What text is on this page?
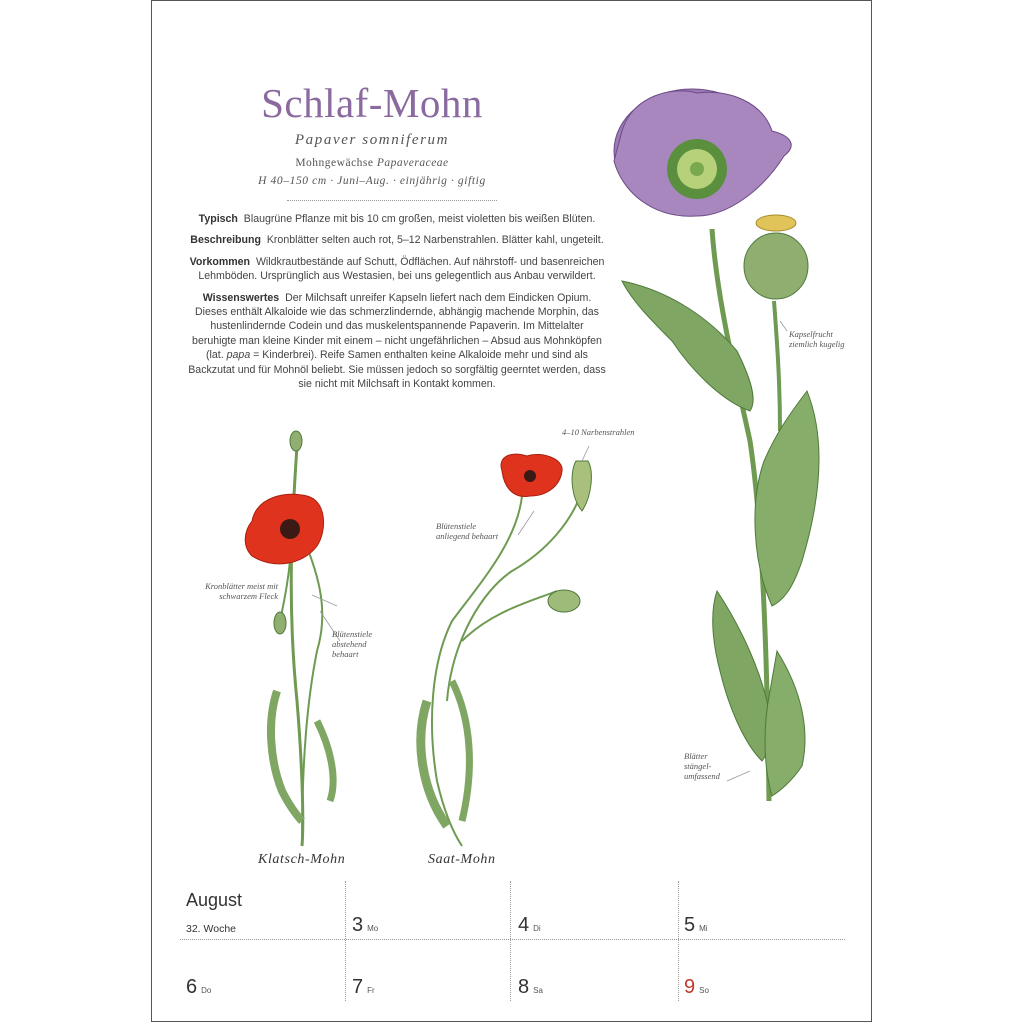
Schlaf-Mohn
Papaver somniferum
Mohngewächse Papaveraceae
H 40–150 cm · Juni–Aug. · einjährig · giftig

Typisch Blaugrüne Pflanze mit bis 10 cm großen, meist violetten bis weißen Blüten.

Beschreibung Kronblätter selten auch rot, 5–12 Narbenstrahlen. Blätter kahl, ungeteilt.

Vorkommen Wildkrautbestände auf Schutt, Ödflächen. Auf nährstoff- und basenreichen Lehmböden. Ursprünglich aus Westasien, bei uns gelegentlich aus Anbau verwildert.

Wissenswertes Der Milchsaft unreifer Kapseln liefert nach dem Eindicken Opium. Dieses enthält Alkaloide wie das schmerzlindernde, abhängig machende Morphin, das hustenlindernde Codein und das muskelentspannende Papaverin. Im Mittelalter beruhigte man kleine Kinder mit einem – nicht ungefährlichen – Absud aus Mohnköpfen (lat. papa = Kinderbrei). Reife Samen enthalten keine Alkaloide mehr und sind als Backzutat und für Mohnöl beliebt. Sie müssen jedoch so sorgfältig geerntet werden, dass sie nicht mit Milchsaft in Kontakt kommen.

Kapselfrucht ziemlich kugelig
Blätter stängel-umfassend
4–10 Narbenstrahlen
Kronblätter meist mit schwarzem Fleck
Blütenstiele abstehend behaart
Blütenstiele anliegend behaart
Klatsch-Mohn	Saat-Mohn
August
32. Woche	3 Mo	4 Di	5 Mi
6 Do	7 Fr	8 Sa	9 So
